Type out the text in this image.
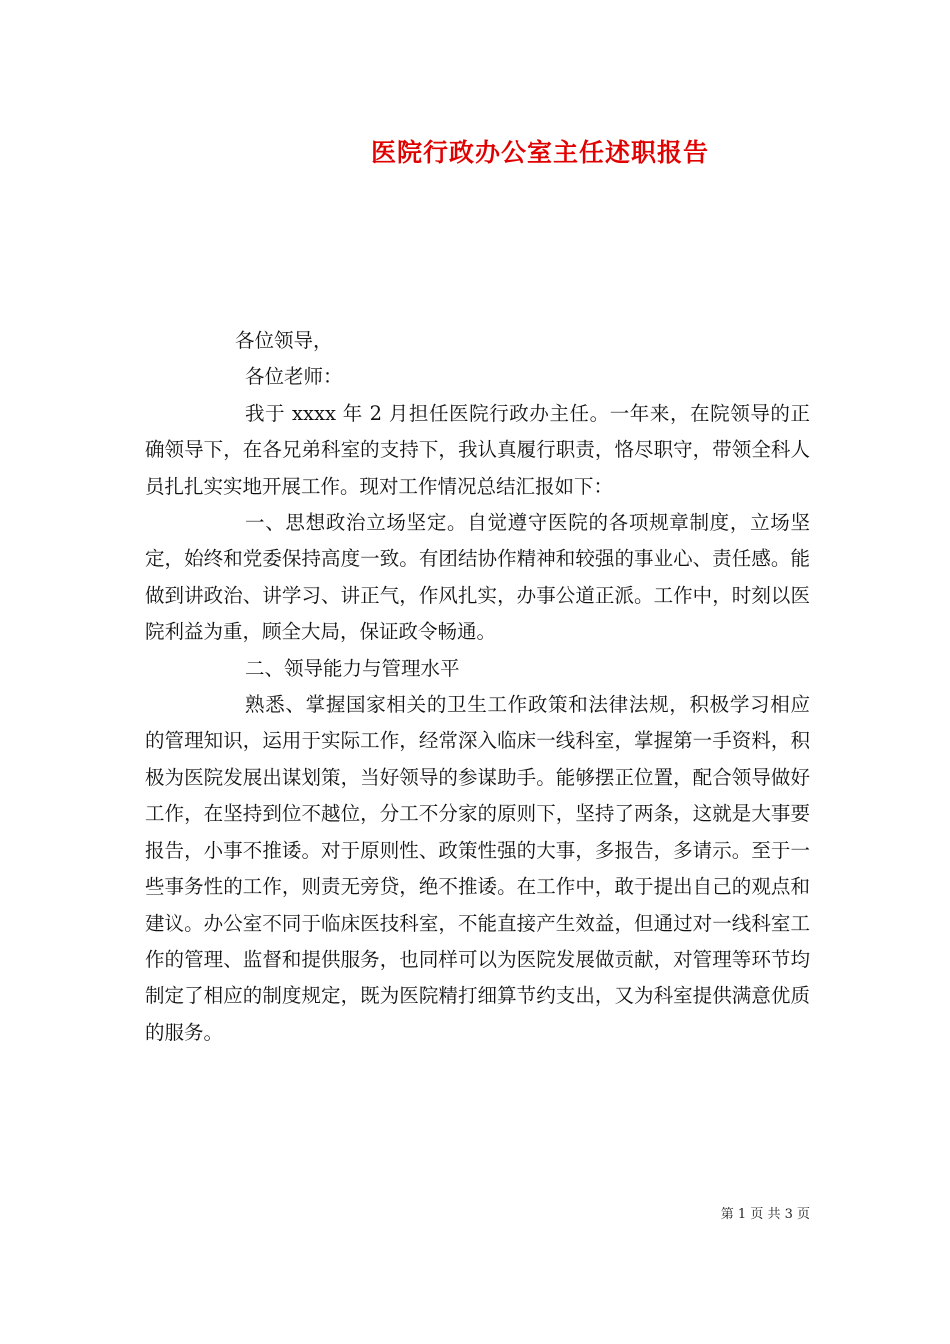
医院行政办公室主任述职报告

各位领导，

各位老师：

我于 xxxx 年 2 月担任医院行政办主任。一年来，在院领导的正确领导下，在各兄弟科室的支持下，我认真履行职责，恪尽职守，带领全科人员扎扎实实地开展工作。现对工作情况总结汇报如下：

一、思想政治立场坚定。自觉遵守医院的各项规章制度，立场坚定，始终和党委保持高度一致。有团结协作精神和较强的事业心、责任感。能做到讲政治、讲学习、讲正气，作风扎实，办事公道正派。工作中，时刻以医院利益为重，顾全大局，保证政令畅通。

二、领导能力与管理水平

熟悉、掌握国家相关的卫生工作政策和法律法规，积极学习相应的管理知识，运用于实际工作，经常深入临床一线科室，掌握第一手资料，积极为医院发展出谋划策，当好领导的参谋助手。能够摆正位置，配合领导做好工作，在坚持到位不越位，分工不分家的原则下，坚持了两条，这就是大事要报告，小事不推诿。对于原则性、政策性强的大事，多报告，多请示。至于一些事务性的工作，则责无旁贷，绝不推诿。在工作中，敢于提出自己的观点和建议。办公室不同于临床医技科室，不能直接产生效益，但通过对一线科室工作的管理、监督和提供服务，也同样可以为医院发展做贡献，对管理等环节均制定了相应的制度规定，既为医院精打细算节约支出，又为科室提供满意优质的服务。

第 1 页 共 3 页
